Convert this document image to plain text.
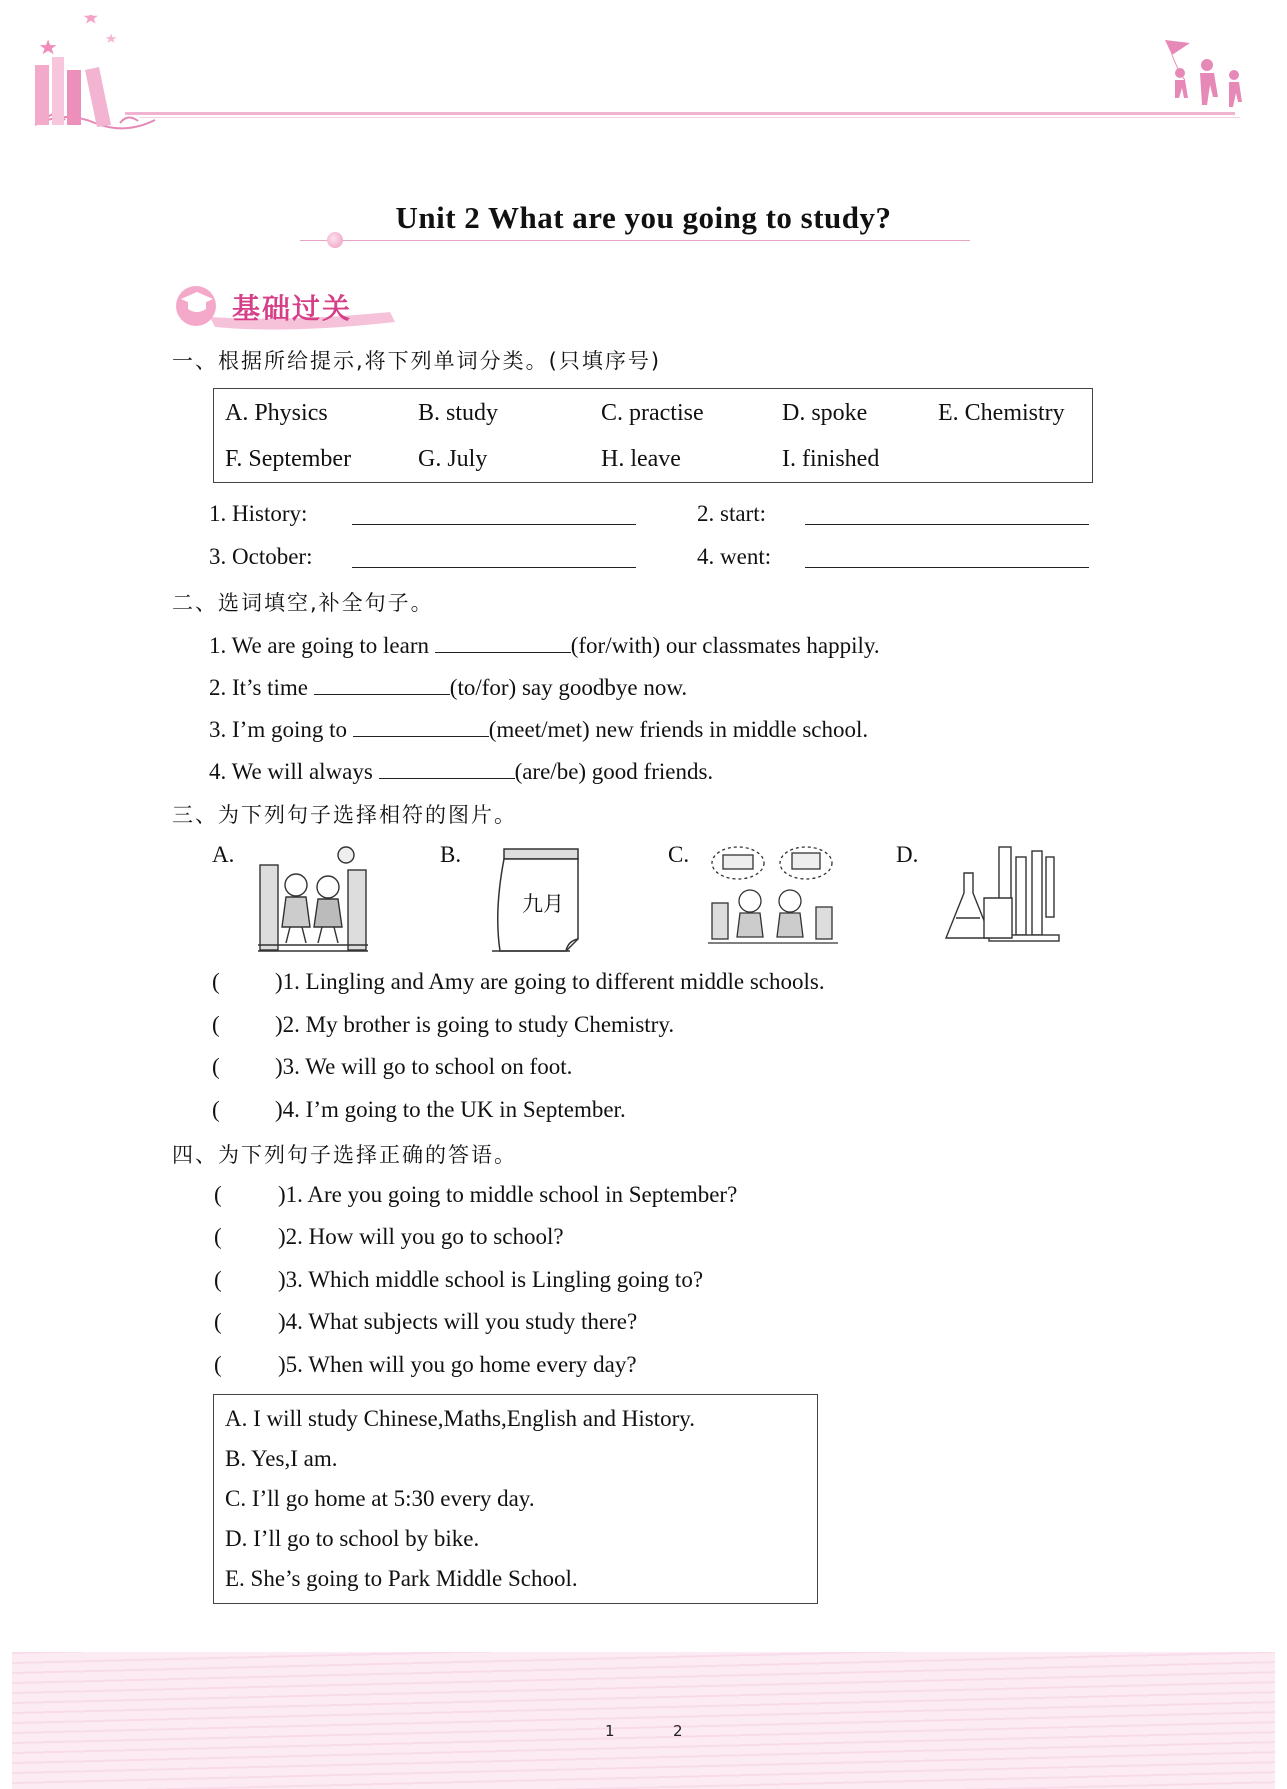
Unit 2 What are you going to study?
基础过关
一、根据所给提示,将下列单词分类。(只填序号)
A. Physics	B. study	C. practise	D. spoke	E. Chemistry
F. September	G. July	H. leave	I. finished
1. History:	2. start:
3. October:	4. went:
二、选词填空,补全句子。
1. We are going to learn	(for/with) our classmates happily.
2. It’s time	(to/for) say goodbye now.
3. I’m going to	(meet/met) new friends in middle school.
4. We will always	(are/be) good friends.
三、为下列句子选择相符的图片。
A.	B.
九月
C.	D.
( )1. Lingling and Amy are going to different middle schools.
( )2. My brother is going to study Chemistry.
( )3. We will go to school on foot.
( )4. I’m going to the UK in September.
四、为下列句子选择正确的答语。
( )1. Are you going to middle school in September?
( )2. How will you go to school?
( )3. Which middle school is Lingling going to?
( )4. What subjects will you study there?
( )5. When will you go home every day?
A. I will study Chinese,Maths,English and History.
B. Yes,I am.
C. I’ll go home at 5:30 every day.
D. I’ll go to school by bike.
E. She’s going to Park Middle School.
1	2
